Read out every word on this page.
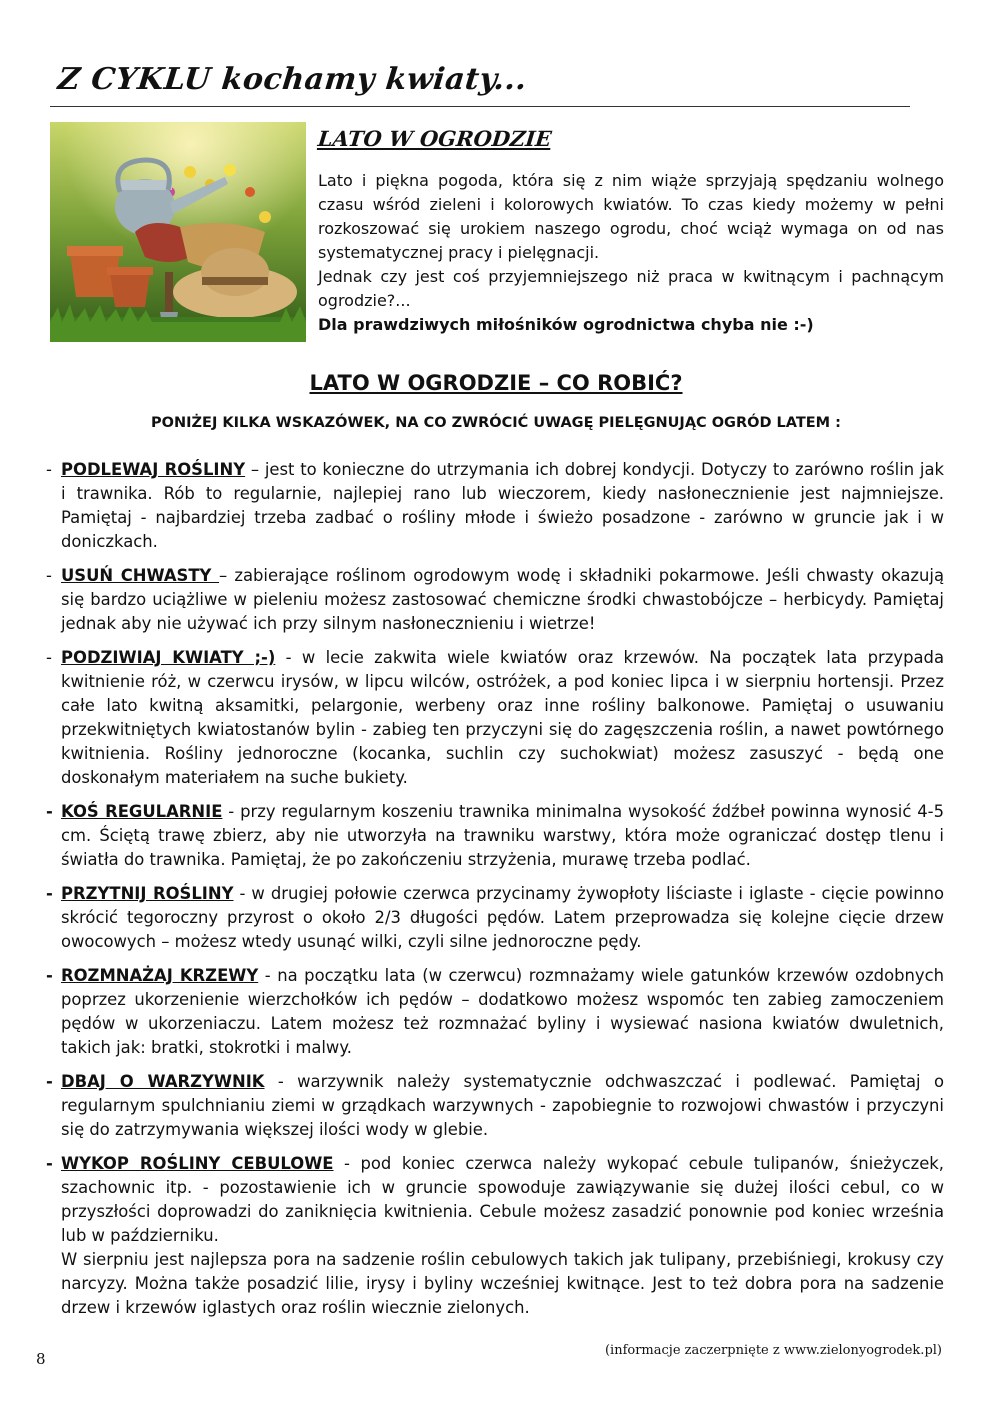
Z CYKLU kochamy kwiaty...
LATO W OGRODZIE

Lato i piękna pogoda, która się z nim wiąże sprzyjają spędzaniu wolnego czasu wśród zieleni i kolorowych kwiatów. To czas kiedy możemy w pełni rozkoszować się urokiem naszego ogrodu, choć wciąż wymaga on od nas systematycznej pracy i pielęgnacji.

Jednak czy jest coś przyjemniejszego niż praca w kwitnącym i pachnącym ogrodzie?...

Dla prawdziwych miłośników ogrodnictwa chyba nie :-)

LATO W OGRODZIE – CO ROBIĆ?
PONIŻEJ KILKA WSKAZÓWEK, NA CO ZWRÓCIĆ UWAGĘ PIELĘGNUJĄC OGRÓD LATEM :
- PODLEWAJ ROŚLINY – jest to konieczne do utrzymania ich dobrej kondycji. Dotyczy to zarówno roślin jak i trawnika. Rób to regularnie, najlepiej rano lub wieczorem, kiedy nasłonecznienie jest najmniejsze. Pamiętaj - najbardziej trzeba zadbać o rośliny młode i świeżo posadzone - zarówno w gruncie jak i w doniczkach.
- USUŃ CHWASTY – zabierające roślinom ogrodowym wodę i składniki pokarmowe. Jeśli chwasty okazują się bardzo uciążliwe w pieleniu możesz zastosować chemiczne środki chwastobójcze – herbicydy. Pamiętaj jednak aby nie używać ich przy silnym nasłonecznieniu i wietrze!
- PODZIWIAJ KWIATY ;-) - w lecie zakwita wiele kwiatów oraz krzewów. Na początek lata przypada kwitnienie róż, w czerwcu irysów, w lipcu wilców, ostróżek, a pod koniec lipca i w sierpniu hortensji. Przez całe lato kwitną aksamitki, pelargonie, werbeny oraz inne rośliny balkonowe. Pamiętaj o usuwaniu przekwitniętych kwiatostanów bylin - zabieg ten przyczyni się do zagęszczenia roślin, a nawet powtórnego kwitnienia. Rośliny jednoroczne (kocanka, suchlin czy suchokwiat) możesz zasuszyć - będą one doskonałym materiałem na suche bukiety.
- KOŚ REGULARNIE - przy regularnym koszeniu trawnika minimalna wysokość źdźbeł powinna wynosić 4-5 cm. Ściętą trawę zbierz, aby nie utworzyła na trawniku warstwy, która może ograniczać dostęp tlenu i światła do trawnika. Pamiętaj, że po zakończeniu strzyżenia, murawę trzeba podlać.
- PRZYTNIJ ROŚLINY - w drugiej połowie czerwca przycinamy żywopłoty liściaste i iglaste - cięcie powinno skrócić tegoroczny przyrost o około 2/3 długości pędów. Latem przeprowadza się kolejne cięcie drzew owocowych – możesz wtedy usunąć wilki, czyli silne jednoroczne pędy.
- ROZMNAŻAJ KRZEWY - na początku lata (w czerwcu) rozmnażamy wiele gatunków krzewów ozdobnych poprzez ukorzenienie wierzchołków ich pędów – dodatkowo możesz wspomóc ten zabieg zamoczeniem pędów w ukorzeniaczu. Latem możesz też rozmnażać byliny i wysiewać nasiona kwiatów dwuletnich, takich jak: bratki, stokrotki i malwy.
- DBAJ O WARZYWNIK - warzywnik należy systematycznie odchwaszczać i podlewać. Pamiętaj o regularnym spulchnianiu ziemi w grządkach warzywnych - zapobiegnie to rozwojowi chwastów i przyczyni się do zatrzymywania większej ilości wody w glebie.
- WYKOP ROŚLINY CEBULOWE - pod koniec czerwca należy wykopać cebule tulipanów, śnieżyczek, szachownic itp. - pozostawienie ich w gruncie spowoduje zawiązywanie się dużej ilości cebul, co w przyszłości doprowadzi do zaniknięcia kwitnienia. Cebule możesz zasadzić ponownie pod koniec września lub w październiku.
W sierpniu jest najlepsza pora na sadzenie roślin cebulowych takich jak tulipany, przebiśniegi, krokusy czy narcyzy. Można także posadzić lilie, irysy i byliny wcześniej kwitnące. Jest to też dobra pora na sadzenie drzew i krzewów iglastych oraz roślin wiecznie zielonych.
(informacje zaczerpnięte z www.zielonyogrodek.pl)
8
